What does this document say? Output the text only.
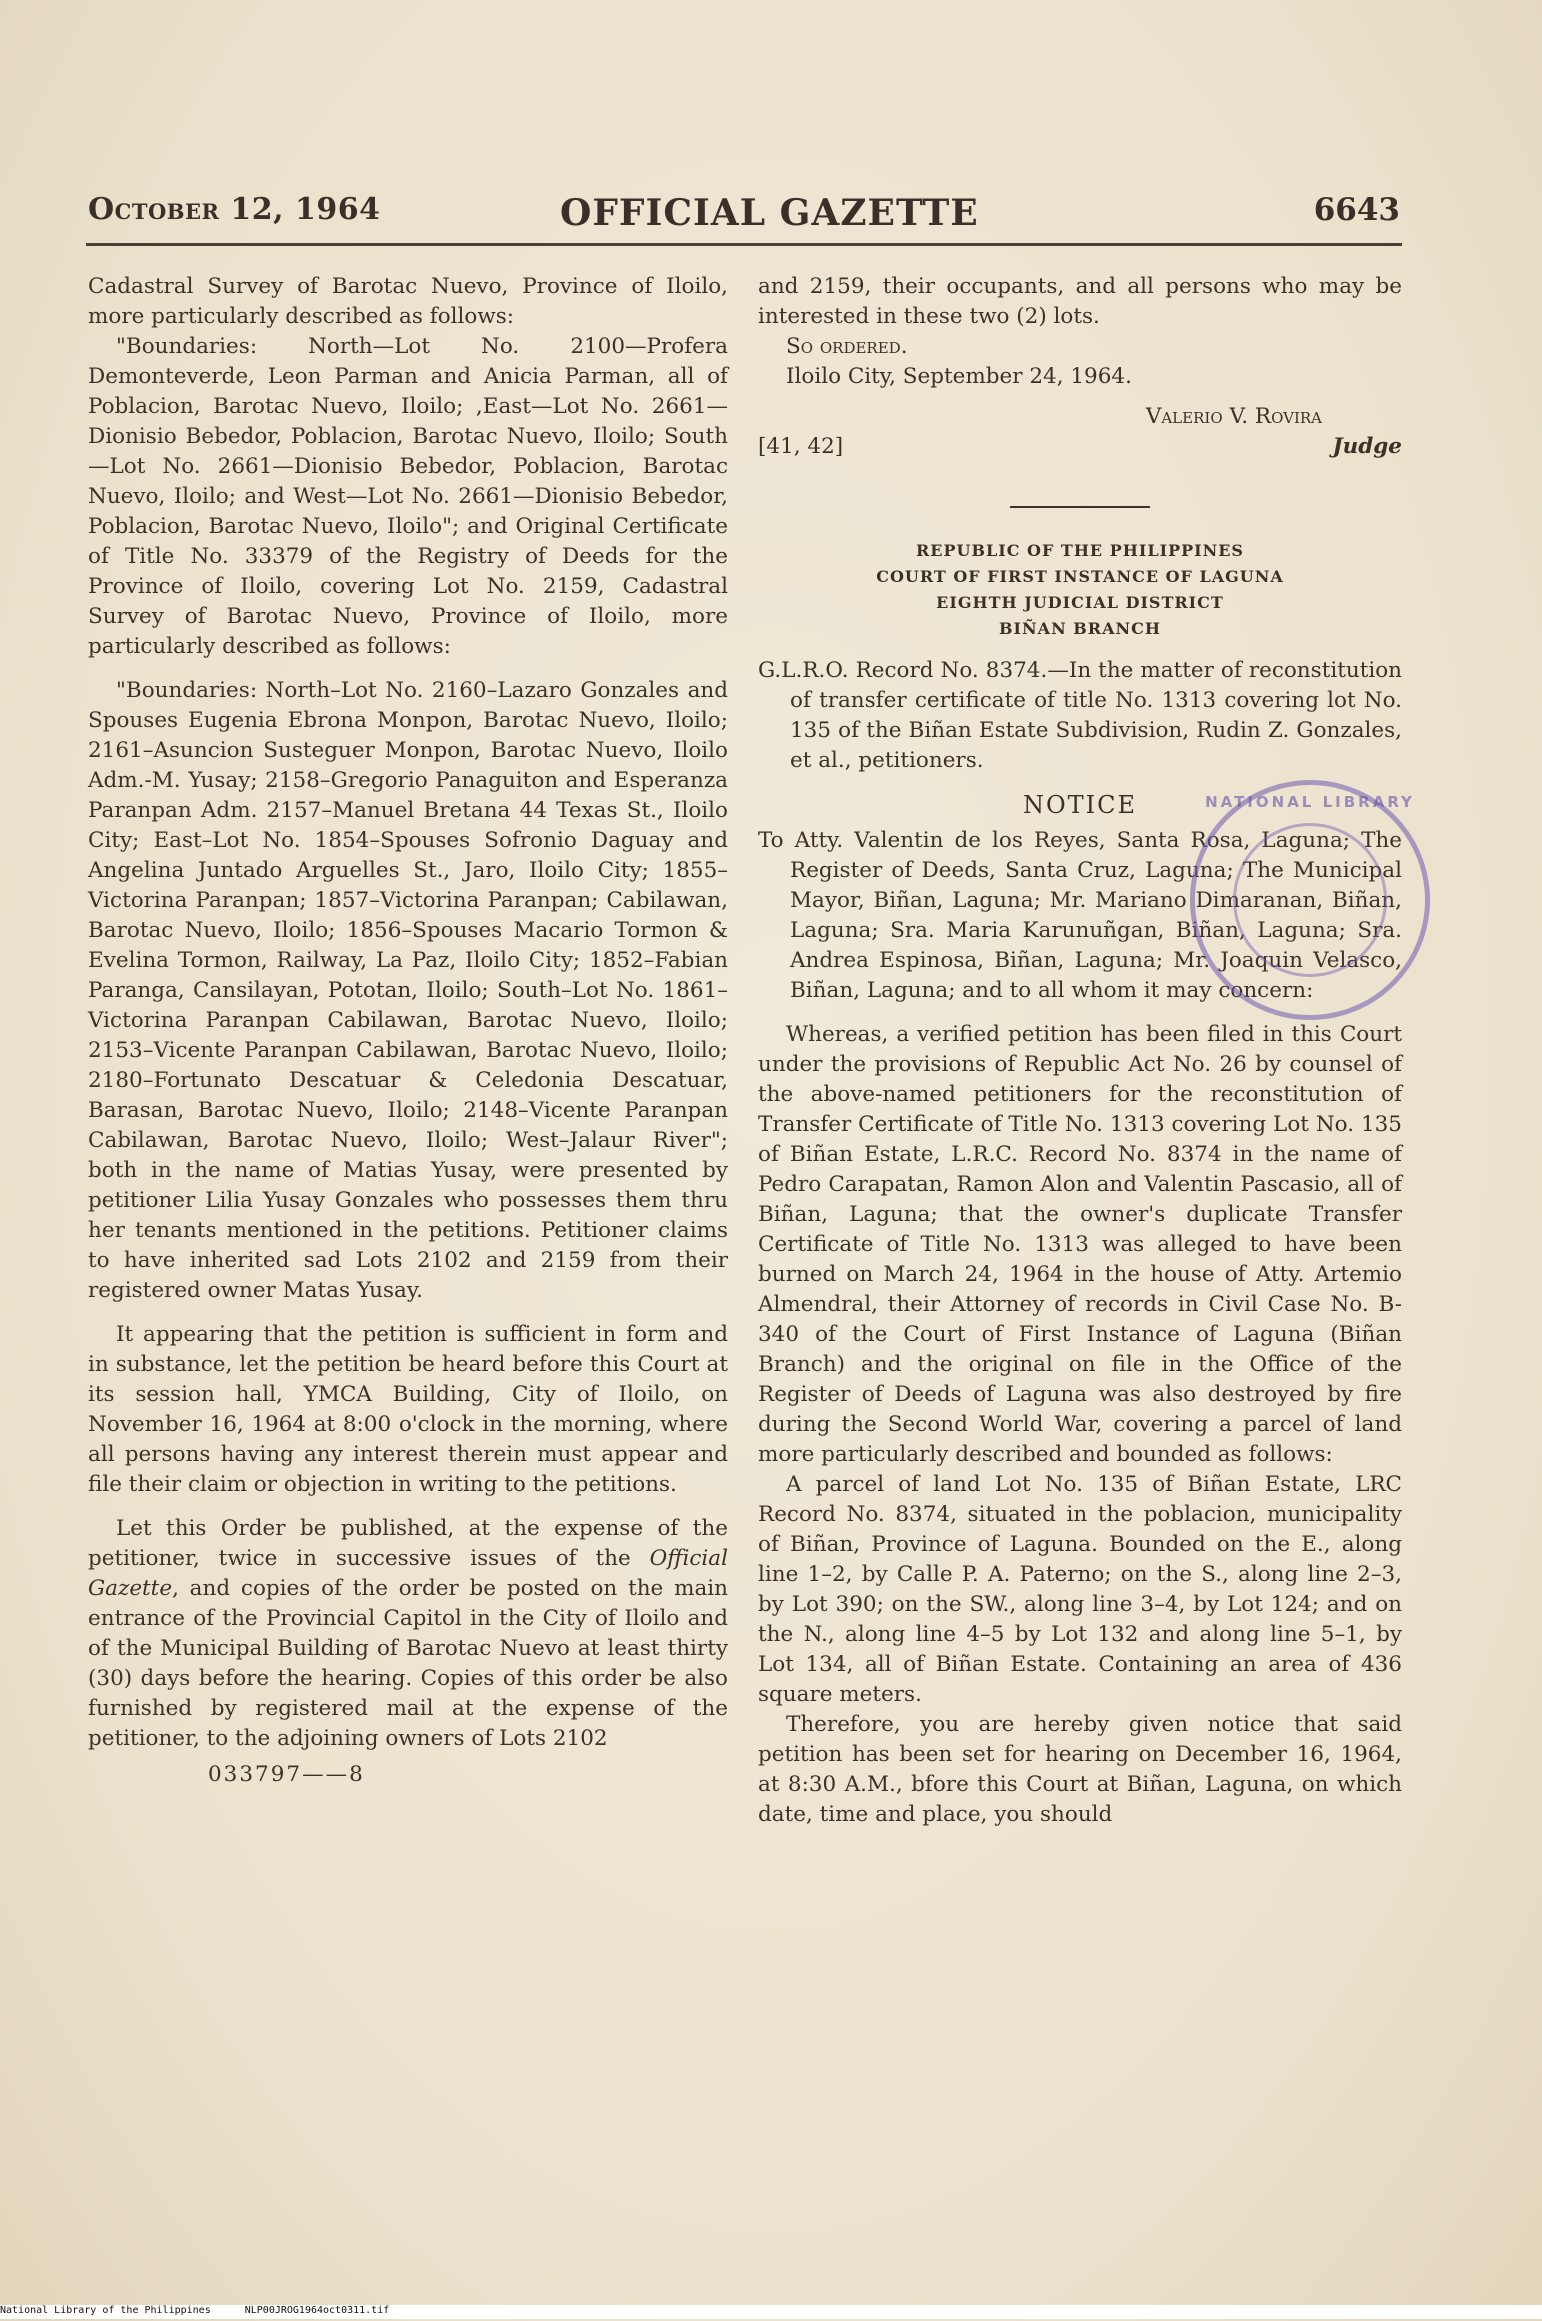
October 12, 1964	OFFICIAL GAZETTE	6643

Cadastral Survey of Barotac Nuevo, Province of Iloilo, more particularly described as follows:

"Boundaries: North—Lot No. 2100—Profera Demonteverde, Leon Parman and Anicia Parman, all of Poblacion, Barotac Nuevo, Iloilo; ,East—Lot No. 2661—Dionisio Bebedor, Poblacion, Barotac Nuevo, Iloilo; South—Lot No. 2661—Dionisio Bebedor, Poblacion, Barotac Nuevo, Iloilo; and West—Lot No. 2661—Dionisio Bebedor, Poblacion, Barotac Nuevo, Iloilo"; and Original Certificate of Title No. 33379 of the Registry of Deeds for the Province of Iloilo, covering Lot No. 2159, Cadastral Survey of Barotac Nuevo, Province of Iloilo, more particularly described as follows:

"Boundaries: North–Lot No. 2160–Lazaro Gonzales and Spouses Eugenia Ebrona Monpon, Barotac Nuevo, Iloilo; 2161–Asuncion Susteguer Monpon, Barotac Nuevo, Iloilo Adm.-M. Yusay; 2158–Gregorio Panaguiton and Esperanza Paranpan Adm. 2157–Manuel Bretana 44 Texas St., Iloilo City; East–Lot No. 1854–Spouses Sofronio Daguay and Angelina Juntado Arguelles St., Jaro, Iloilo City; 1855–Victorina Paranpan; 1857–Victorina Paranpan; Cabilawan, Barotac Nuevo, Iloilo; 1856–Spouses Macario Tormon & Evelina Tormon, Railway, La Paz, Iloilo City; 1852–Fabian Paranga, Cansilayan, Pototan, Iloilo; South–Lot No. 1861–Victorina Paranpan Cabilawan, Barotac Nuevo, Iloilo; 2153–Vicente Paranpan Cabilawan, Barotac Nuevo, Iloilo; 2180–Fortunato Descatuar & Celedonia Descatuar, Barasan, Barotac Nuevo, Iloilo; 2148–Vicente Paranpan Cabilawan, Barotac Nuevo, Iloilo; West–Jalaur River"; both in the name of Matias Yusay, were presented by petitioner Lilia Yusay Gonzales who possesses them thru her tenants mentioned in the petitions. Petitioner claims to have inherited sad Lots 2102 and 2159 from their registered owner Matas Yusay.

It appearing that the petition is sufficient in form and in substance, let the petition be heard before this Court at its session hall, YMCA Building, City of Iloilo, on November 16, 1964 at 8:00 o'clock in the morning, where all persons having any interest therein must appear and file their claim or objection in writing to the petitions.

Let this Order be published, at the expense of the petitioner, twice in successive issues of the Official Gazette, and copies of the order be posted on the main entrance of the Provincial Capitol in the City of Iloilo and of the Municipal Building of Barotac Nuevo at least thirty (30) days before the hearing. Copies of this order be also furnished by registered mail at the expense of the petitioner, to the adjoining owners of Lots 2102

033797——8

and 2159, their occupants, and all persons who may be interested in these two (2) lots.

So ordered.

Iloilo City, September 24, 1964.

Valerio V. Rovira

[41, 42]	Judge
REPUBLIC OF THE PHILIPPINES
COURT OF FIRST INSTANCE OF LAGUNA
EIGHTH JUDICIAL DISTRICT
BIÑAN BRANCH

G.L.R.O. Record No. 8374.—In the matter of reconstitution of transfer certificate of title No. 1313 covering lot No. 135 of the Biñan Estate Subdivision, Rudin Z. Gonzales, et al., petitioners.

NOTICE

To Atty. Valentin de los Reyes, Santa Rosa, Laguna; The Register of Deeds, Santa Cruz, Laguna; The Municipal Mayor, Biñan, Laguna; Mr. Mariano Dimaranan, Biñan, Laguna; Sra. Maria Karunuñgan, Biñan, Laguna; Sra. Andrea Espinosa, Biñan, Laguna; Mr. Joaquin Velasco, Biñan, Laguna; and to all whom it may concern:

Whereas, a verified petition has been filed in this Court under the provisions of Republic Act No. 26 by counsel of the above-named petitioners for the reconstitution of Transfer Certificate of Title No. 1313 covering Lot No. 135 of Biñan Estate, L.R.C. Record No. 8374 in the name of Pedro Carapatan, Ramon Alon and Valentin Pascasio, all of Biñan, Laguna; that the owner's duplicate Transfer Certificate of Title No. 1313 was alleged to have been burned on March 24, 1964 in the house of Atty. Artemio Almendral, their Attorney of records in Civil Case No. B-340 of the Court of First Instance of Laguna (Biñan Branch) and the original on file in the Office of the Register of Deeds of Laguna was also destroyed by fire during the Second World War, covering a parcel of land more particularly described and bounded as follows:

A parcel of land Lot No. 135 of Biñan Estate, LRC Record No. 8374, situated in the poblacion, municipality of Biñan, Province of Laguna. Bounded on the E., along line 1–2, by Calle P. A. Paterno; on the S., along line 2–3, by Lot 390; on the SW., along line 3–4, by Lot 124; and on the N., along line 4–5 by Lot 132 and along line 5–1, by Lot 134, all of Biñan Estate. Containing an area of 436 square meters.

Therefore, you are hereby given notice that said petition has been set for hearing on December 16, 1964, at 8:30 A.M., bfore this Court at Biñan, Laguna, on which date, time and place, you should

NATIONAL LIBRARY
National Library of the Philippines	NLP00JROG1964oct0311.tif
